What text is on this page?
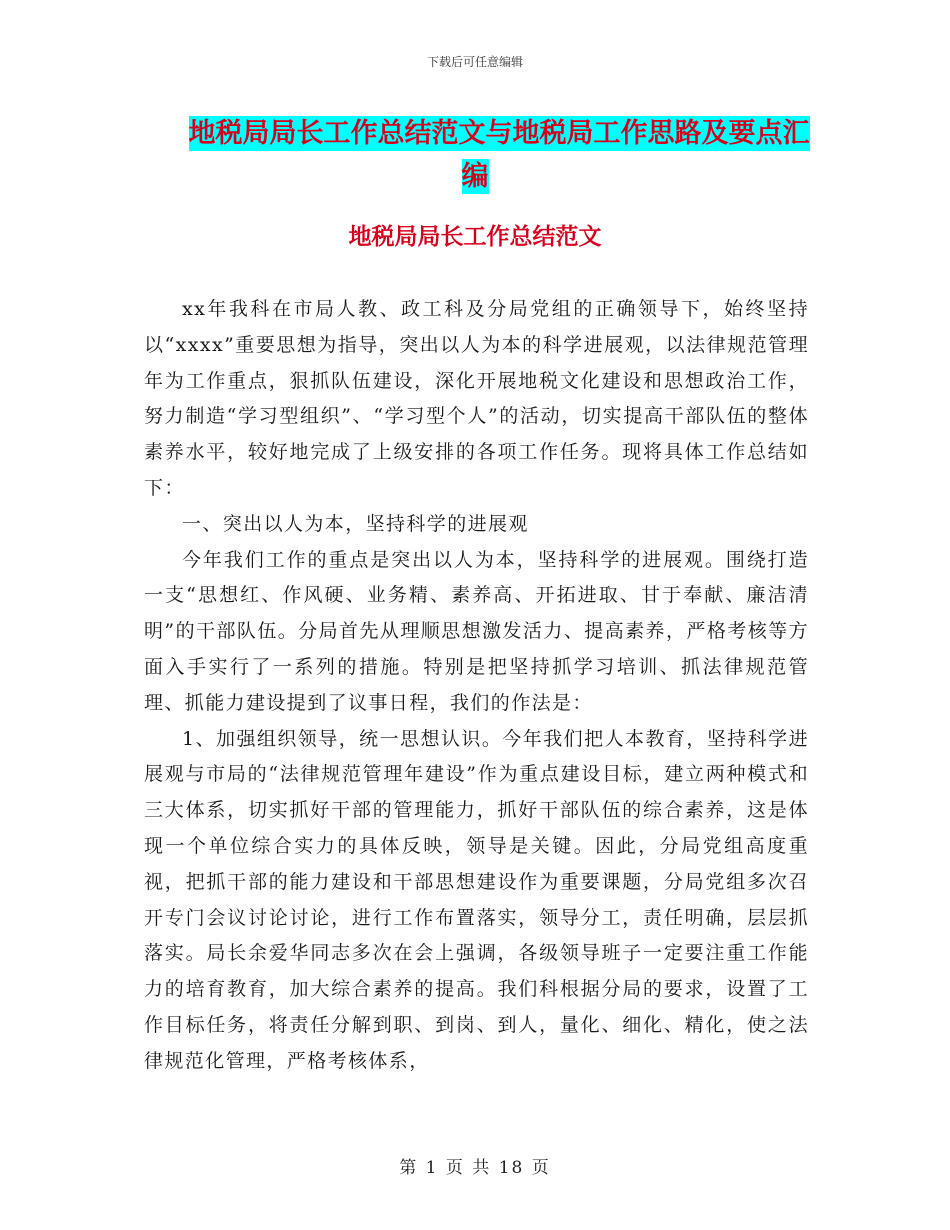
下载后可任意编辑
地税局局长工作总结范文与地税局工作思路及要点汇
编
地税局局长工作总结范文

xx年我科在市局人教、政工科及分局党组的正确领导下，始终坚持以“xxxx”重要思想为指导，突出以人为本的科学进展观，以法律规范管理年为工作重点，狠抓队伍建设，深化开展地税文化建设和思想政治工作，努力制造“学习型组织”、“学习型个人”的活动，切实提高干部队伍的整体素养水平，较好地完成了上级安排的各项工作任务。现将具体工作总结如下：

一、突出以人为本，坚持科学的进展观

今年我们工作的重点是突出以人为本，坚持科学的进展观。围绕打造一支“思想红、作风硬、业务精、素养高、开拓进取、甘于奉献、廉洁清明”的干部队伍。分局首先从理顺思想激发活力、提高素养，严格考核等方面入手实行了一系列的措施。特别是把坚持抓学习培训、抓法律规范管理、抓能力建设提到了议事日程，我们的作法是：

1、加强组织领导，统一思想认识。今年我们把人本教育，坚持科学进展观与市局的“法律规范管理年建设”作为重点建设目标，建立两种模式和三大体系，切实抓好干部的管理能力，抓好干部队伍的综合素养，这是体现一个单位综合实力的具体反映，领导是关键。因此，分局党组高度重视，把抓干部的能力建设和干部思想建设作为重要课题，分局党组多次召开专门会议讨论讨论，进行工作布置落实，领导分工，责任明确，层层抓落实。局长余爱华同志多次在会上强调，各级领导班子一定要注重工作能力的培育教育，加大综合素养的提高。我们科根据分局的要求，设置了工作目标任务，将责任分解到职、到岗、到人，量化、细化、精化，使之法律规范化管理，严格考核体系，

第 1 页 共 18 页
